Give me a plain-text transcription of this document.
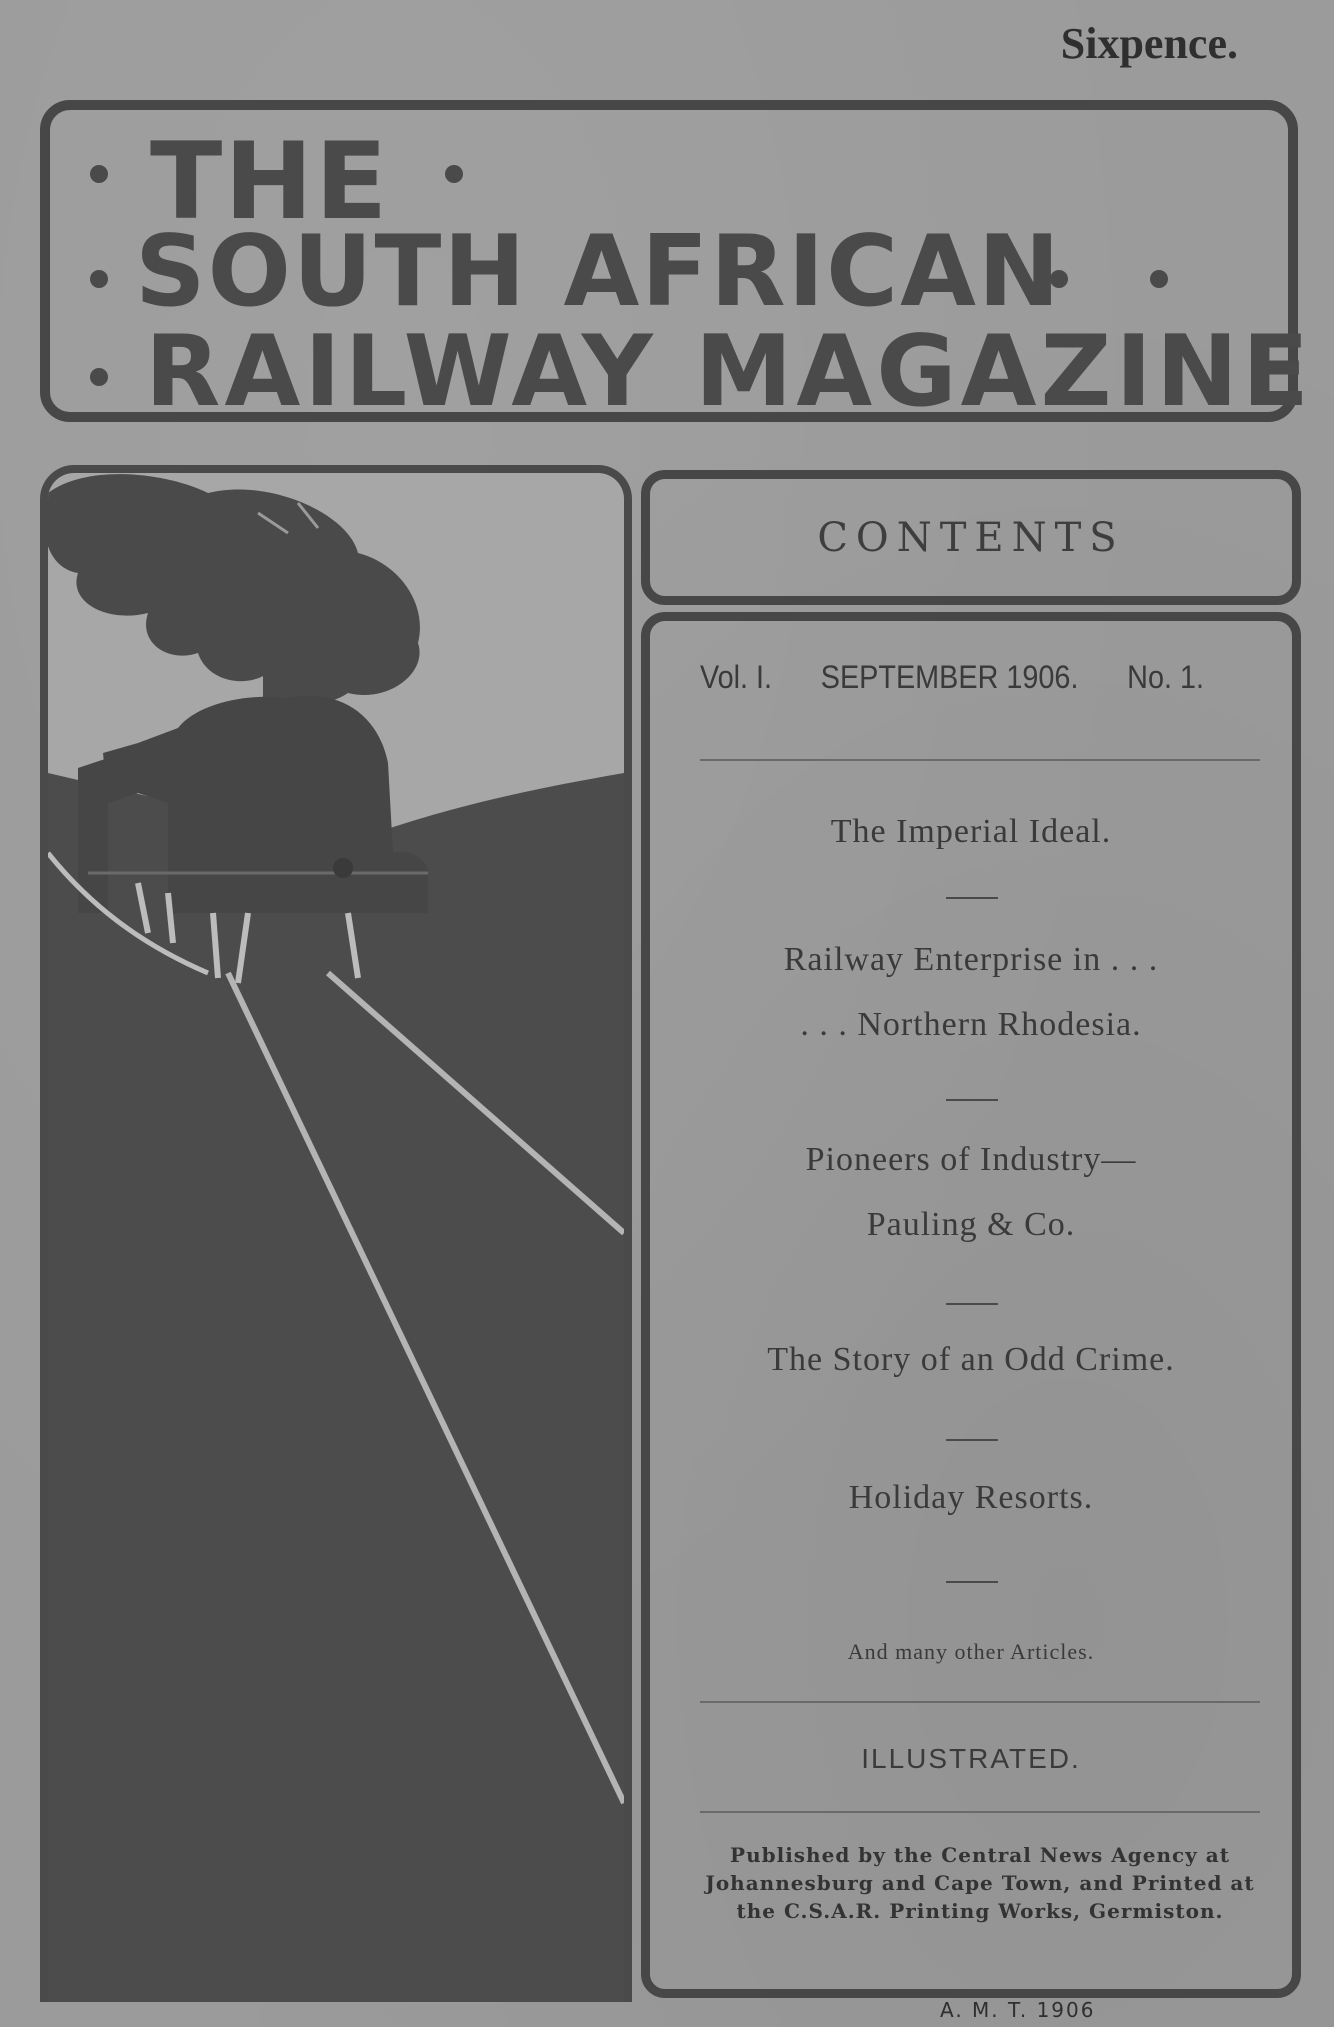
Sixpence.
THE
SOUTH AFRICAN
RAILWAY MAGAZINE
CONTENTS
Vol. I. SEPTEMBER 1906. No. 1.
The Imperial Ideal.
Railway Enterprise in . . .
. . . Northern Rhodesia.
Pioneers of Industry—
Pauling & Co.
The Story of an Odd Crime.
Holiday Resorts.
And many other Articles.
ILLUSTRATED.
Published by the Central News Agency at
Johannesburg and Cape Town, and Printed at
the C.S.A.R. Printing Works, Germiston.
A. M. T. 1906
